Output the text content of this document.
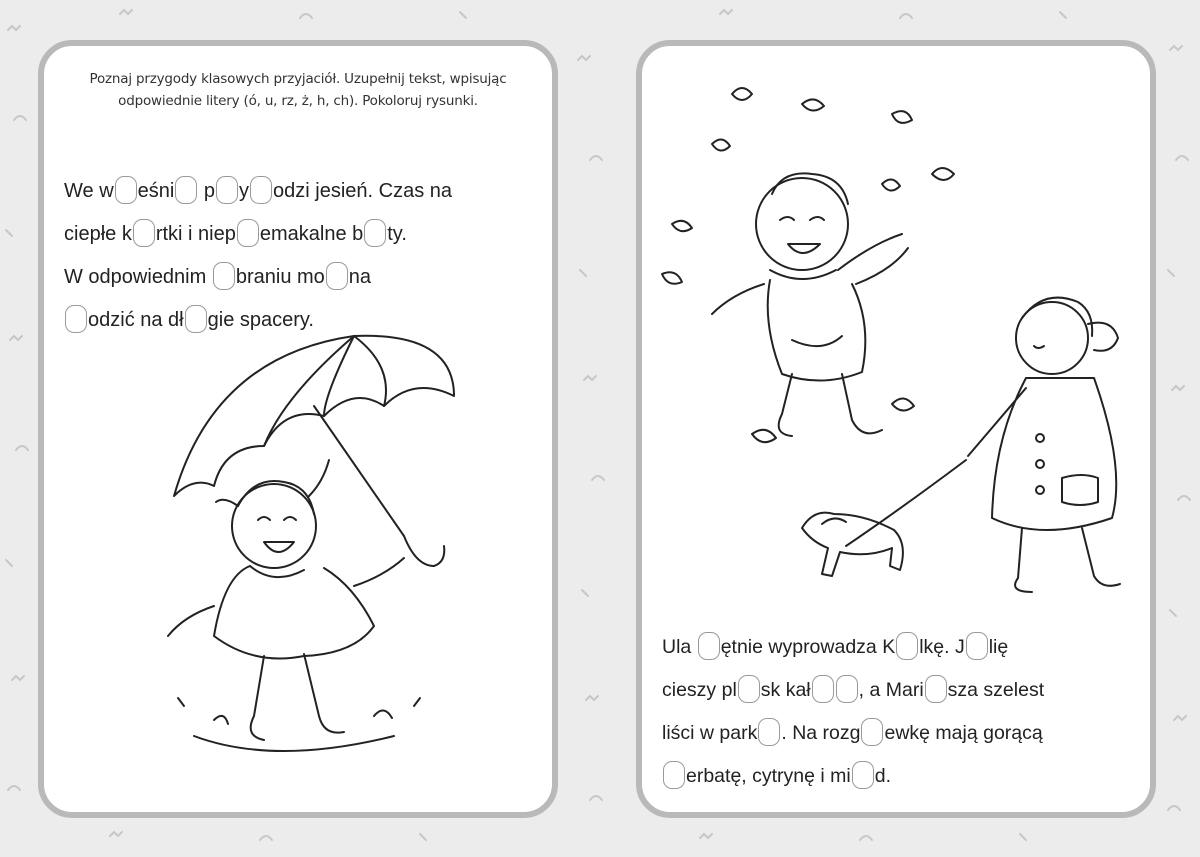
Poznaj przygody klasowych przyjaciół. Uzupełnij tekst, wpisując odpowiednie litery (ó, u, rz, ż, h, ch). Pokoloruj rysunki.
We w eśni p y odzi jesień. Czas na
ciepłe k rtki i niep emakalne b ty.
W odpowiednim braniu mo na
odzić na dł gie spacery.
Ula ętnie wyprowadza K lkę. J lię
cieszy pl sk kał , a Mari sza szelest
liści w park . Na rozg ewkę mają gorącą
erbatę, cytrynę i mi d.
